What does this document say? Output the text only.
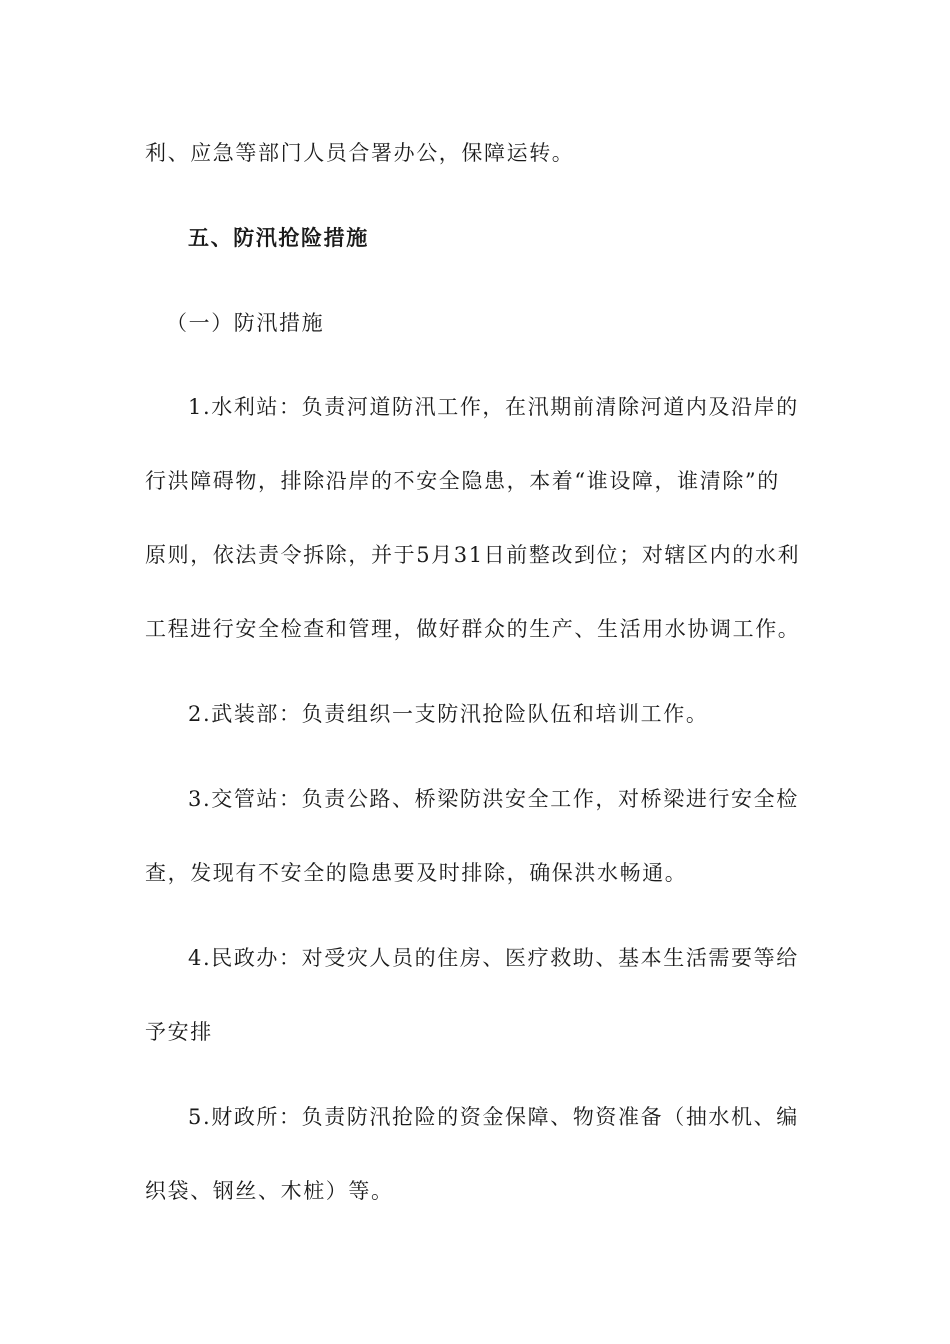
利、应急等部门人员合署办公，保障运转。
五、防汛抢险措施
（一）防汛措施
1.水利站：负责河道防汛工作，在汛期前清除河道内及沿岸的
行洪障碍物，排除沿岸的不安全隐患，本着“谁设障，谁清除”的
原则，依法责令拆除，并于5月31日前整改到位；对辖区内的水利
工程进行安全检查和管理，做好群众的生产、生活用水协调工作。
2.武装部：负责组织一支防汛抢险队伍和培训工作。
3.交管站：负责公路、桥梁防洪安全工作，对桥梁进行安全检
查，发现有不安全的隐患要及时排除，确保洪水畅通。
4.民政办：对受灾人员的住房、医疗救助、基本生活需要等给
予安排
5.财政所：负责防汛抢险的资金保障、物资准备（抽水机、编
织袋、钢丝、木桩）等。
